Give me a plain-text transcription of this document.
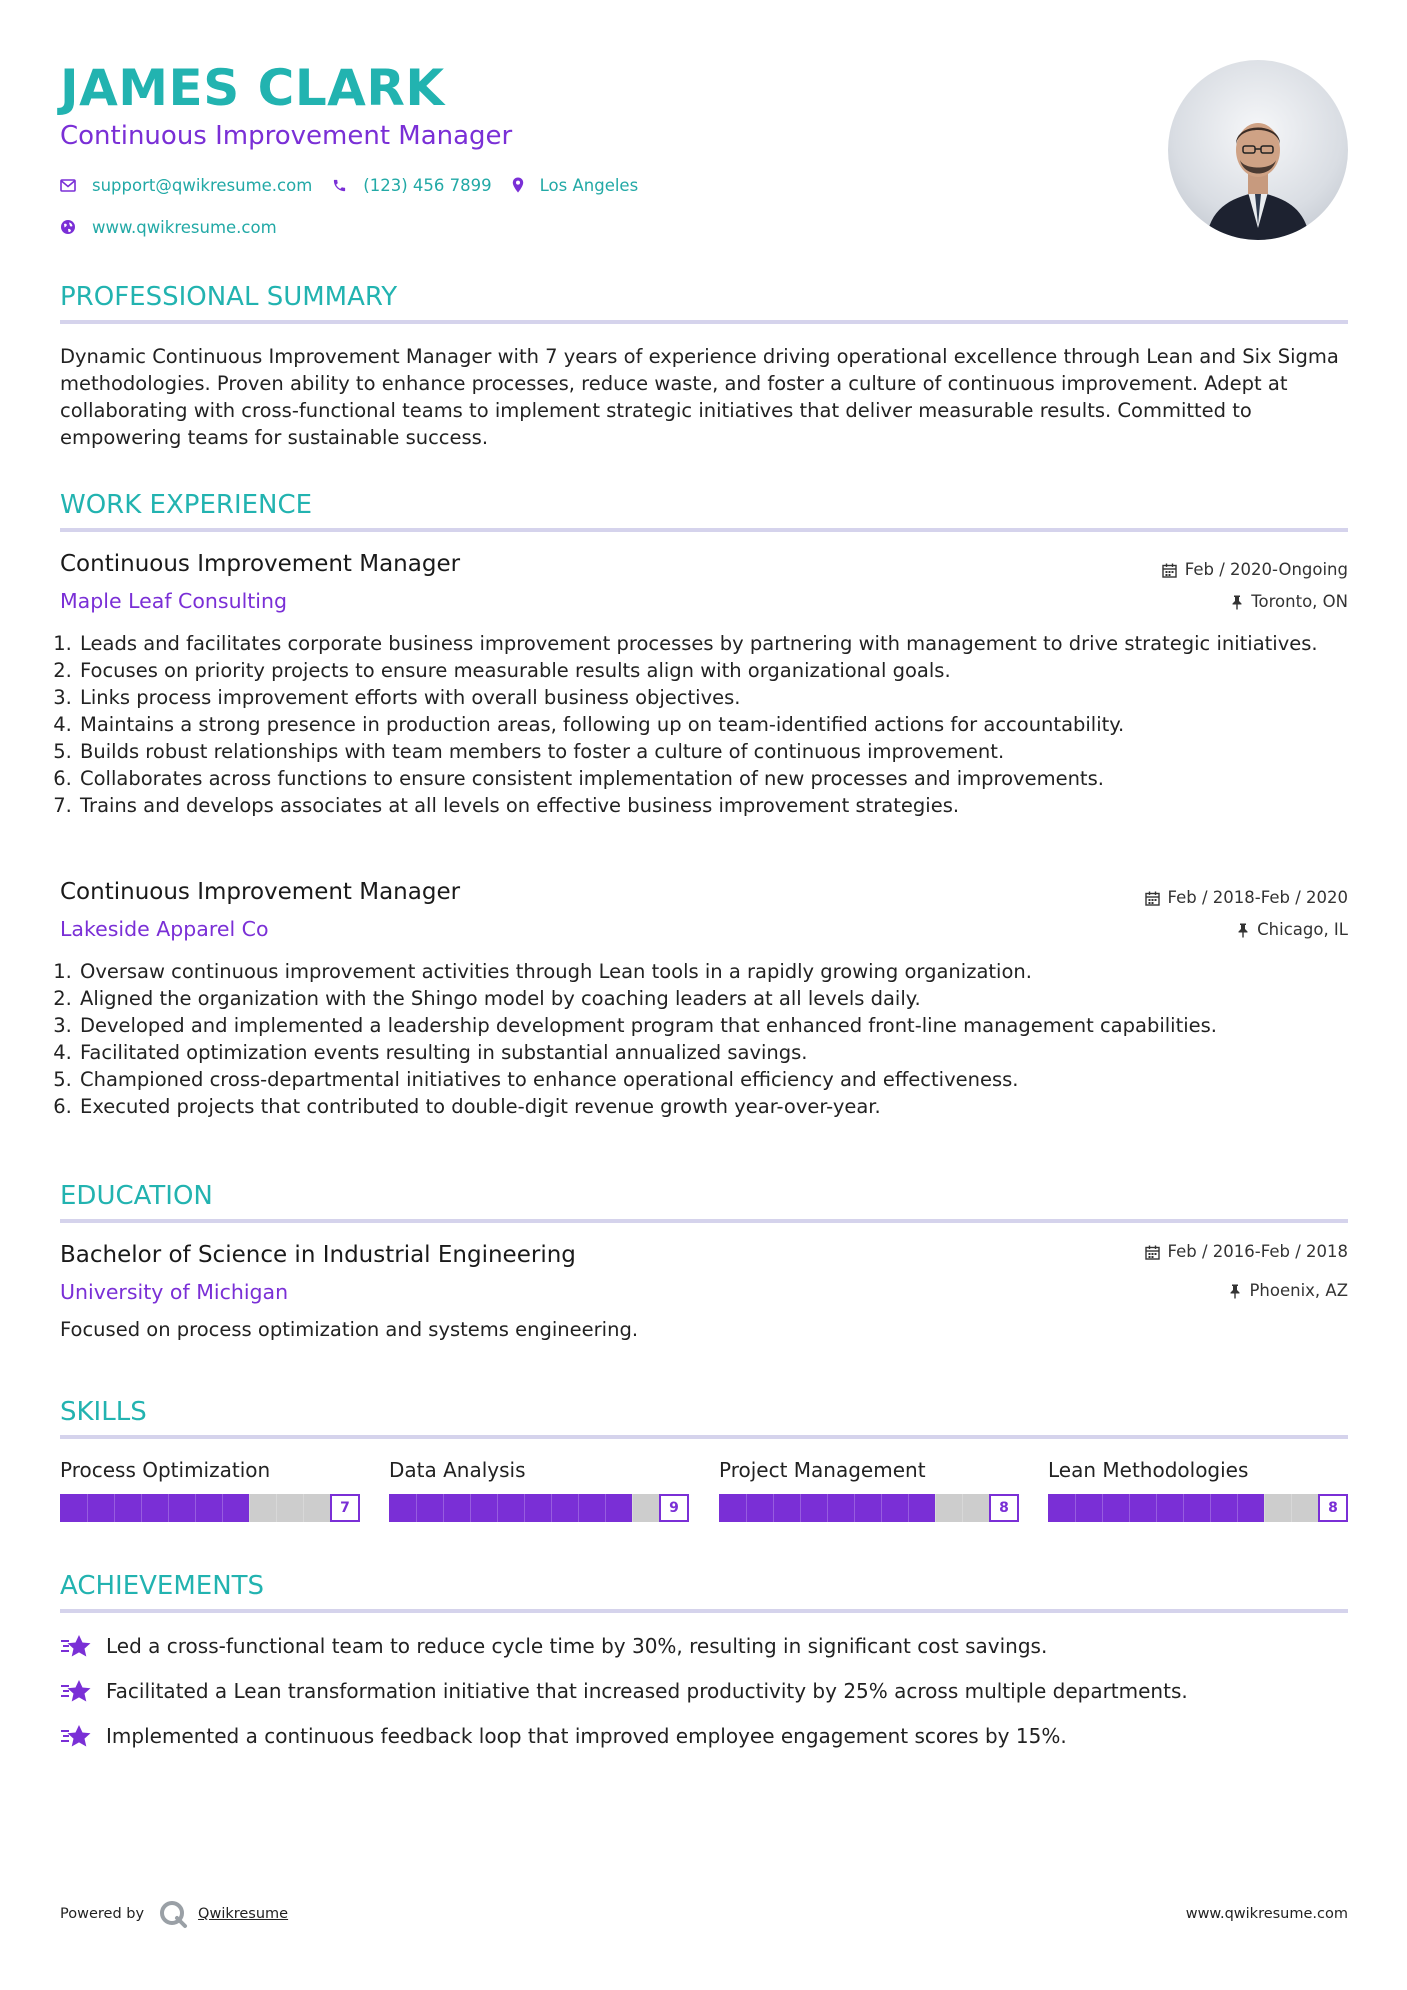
JAMES CLARK
Continuous Improvement Manager
support@qwikresume.com	(123) 456 7899	Los Angeles
www.qwikresume.com
PROFESSIONAL SUMMARY
Dynamic Continuous Improvement Manager with 7 years of experience driving operational excellence through Lean and Six Sigma methodologies. Proven ability to enhance processes, reduce waste, and foster a culture of continuous improvement. Adept at collaborating with cross-functional teams to implement strategic initiatives that deliver measurable results. Committed to empowering teams for sustainable success.
WORK EXPERIENCE
Continuous Improvement Manager
Maple Leaf Consulting
Feb / 2020-Ongoing
Toronto, ON
1. Leads and facilitates corporate business improvement processes by partnering with management to drive strategic initiatives.
2. Focuses on priority projects to ensure measurable results align with organizational goals.
3. Links process improvement efforts with overall business objectives.
4. Maintains a strong presence in production areas, following up on team-identified actions for accountability.
5. Builds robust relationships with team members to foster a culture of continuous improvement.
6. Collaborates across functions to ensure consistent implementation of new processes and improvements.
7. Trains and develops associates at all levels on effective business improvement strategies.
Continuous Improvement Manager
Lakeside Apparel Co
Feb / 2018-Feb / 2020
Chicago, IL
1. Oversaw continuous improvement activities through Lean tools in a rapidly growing organization.
2. Aligned the organization with the Shingo model by coaching leaders at all levels daily.
3. Developed and implemented a leadership development program that enhanced front-line management capabilities.
4. Facilitated optimization events resulting in substantial annualized savings.
5. Championed cross-departmental initiatives to enhance operational efficiency and effectiveness.
6. Executed projects that contributed to double-digit revenue growth year-over-year.
EDUCATION
Bachelor of Science in Industrial Engineering
University of Michigan
Feb / 2016-Feb / 2018
Phoenix, AZ
Focused on process optimization and systems engineering.
SKILLS
Process Optimization
7
Data Analysis
9
Project Management
8
Lean Methodologies
8
ACHIEVEMENTS
Led a cross-functional team to reduce cycle time by 30%, resulting in significant cost savings.
Facilitated a Lean transformation initiative that increased productivity by 25% across multiple departments.
Implemented a continuous feedback loop that improved employee engagement scores by 15%.
Powered by	Qwikresume	www.qwikresume.com
